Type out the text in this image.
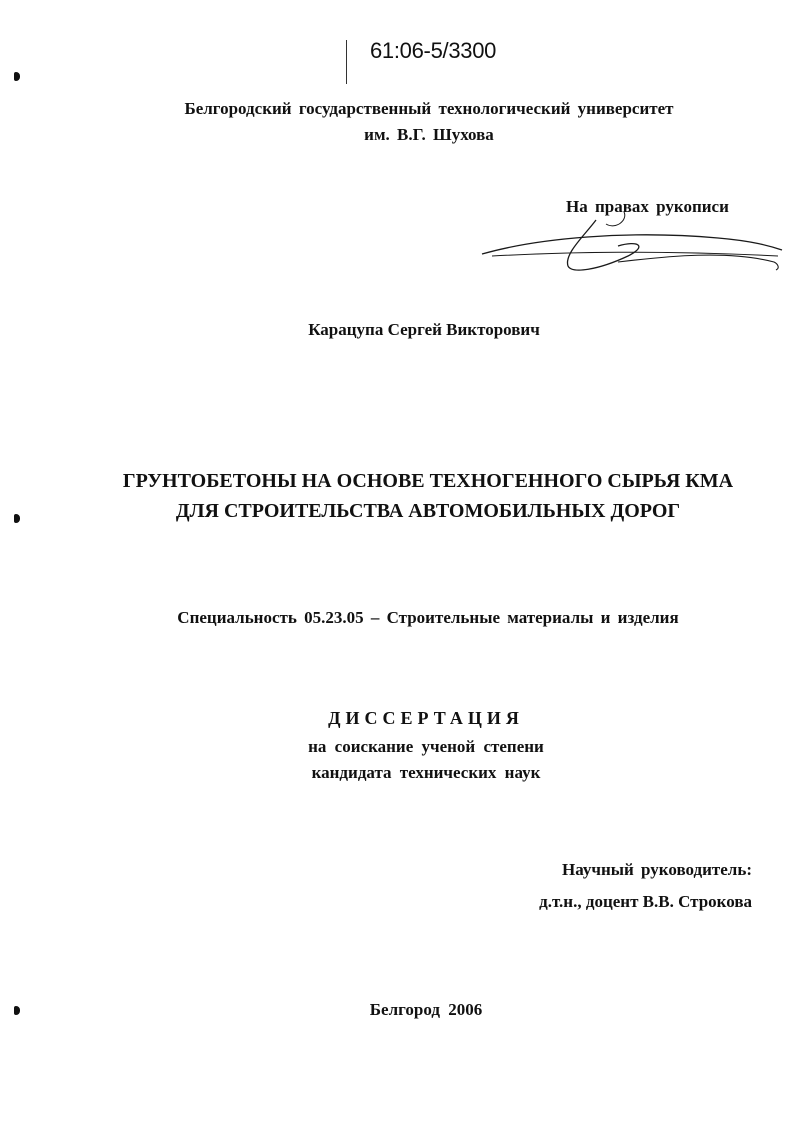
61:06-5/3300
Белгородский государственный технологический университет
им. В.Г. Шухова
На правах рукописи
Карацупа Сергей Викторович
ГРУНТОБЕТОНЫ НА ОСНОВЕ ТЕХНОГЕННОГО СЫРЬЯ КМА
ДЛЯ СТРОИТЕЛЬСТВА АВТОМОБИЛЬНЫХ ДОРОГ
Специальность 05.23.05 – Строительные материалы и изделия
ДИССЕРТАЦИЯ
на соискание ученой степени
кандидата технических наук
Научный руководитель:
д.т.н., доцент В.В. Строкова
Белгород 2006
